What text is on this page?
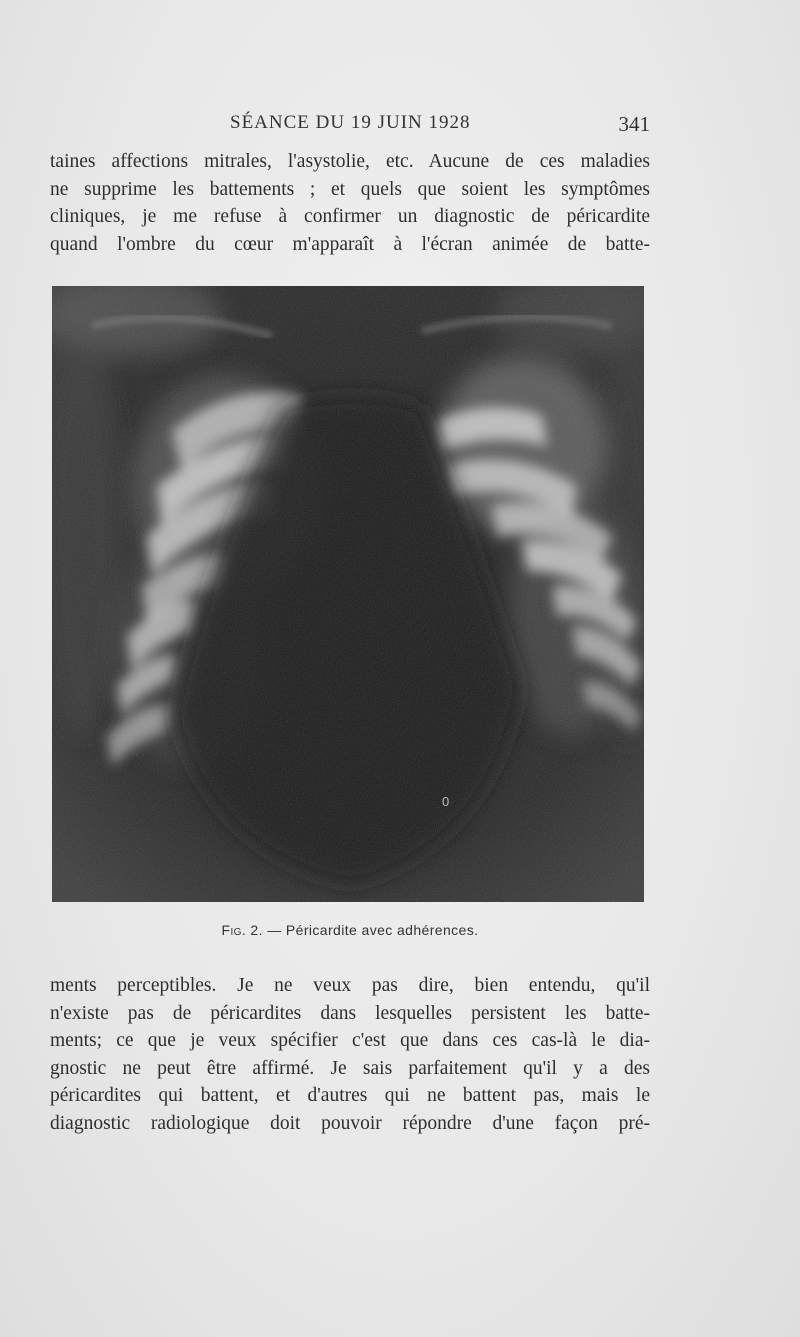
SÉANCE DU 19 JUIN 1928	341
taines affections mitrales, l'asystolie, etc. Aucune de ces maladies
ne supprime les battements ; et quels que soient les symptômes
cliniques, je me refuse à confirmer un diagnostic de péricardite
quand l'ombre du cœur m'apparaît à l'écran animée de batte-
0
Fig. 2. — Péricardite avec adhérences.
ments perceptibles. Je ne veux pas dire, bien entendu, qu'il
n'existe pas de péricardites dans lesquelles persistent les batte-
ments; ce que je veux spécifier c'est que dans ces cas-là le dia-
gnostic ne peut être affirmé. Je sais parfaitement qu'il y a des
péricardites qui battent, et d'autres qui ne battent pas, mais le
diagnostic radiologique doit pouvoir répondre d'une façon pré-
